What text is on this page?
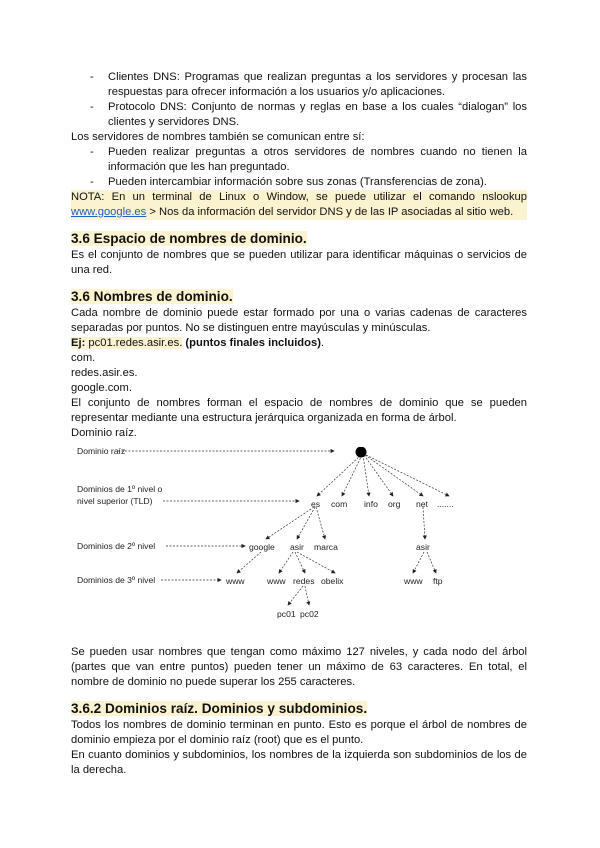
- Clientes DNS: Programas que realizan preguntas a los servidores y procesan las respuestas para ofrecer información a los usuarios y/o aplicaciones.
- Protocolo DNS: Conjunto de normas y reglas en base a los cuales “dialogan” los clientes y servidores DNS.

Los servidores de nombres también se comunican entre sí:

- Pueden realizar preguntas a otros servidores de nombres cuando no tienen la información que les han preguntado.
- Pueden intercambiar información sobre sus zonas (Transferencias de zona).

NOTA: En un terminal de Linux o Window, se puede utilizar el comando nslookup www.google.es > Nos da información del servidor DNS y de las IP asociadas al sitio web.

3.6 Espacio de nombres de dominio.

Es el conjunto de nombres que se pueden utilizar para identificar máquinas o servicios de una red.

3.6 Nombres de dominio.

Cada nombre de dominio puede estar formado por una o varias cadenas de caracteres separadas por puntos. No se distinguen entre mayúsculas y minúsculas.

Ej: pc01.redes.asir.es. (puntos finales incluidos).

com.

redes.asir.es.

google.com.

El conjunto de nombres forman el espacio de nombres de dominio que se pueden representar mediante una estructura jerárquica organizada en forma de árbol.

Dominio raíz.

Dominio raíz
Dominios de 1º nivel o
nivel superior (TLD)
Dominios de 2º nivel
Dominios de 3º nivel
es com info org net .......
google asir marca	asir
www	www redes obelix	www ftp
pc01 pc02

Se pueden usar nombres que tengan como máximo 127 niveles, y cada nodo del árbol (partes que van entre puntos) pueden tener un máximo de 63 caracteres. En total, el nombre de dominio no puede superar los 255 caracteres.

3.6.2 Dominios raíz. Dominios y subdominios.

Todos los nombres de dominio terminan en punto. Esto es porque el árbol de nombres de dominio empieza por el dominio raíz (root) que es el punto.

En cuanto dominios y subdominios, los nombres de la izquierda son subdominios de los de la derecha.
